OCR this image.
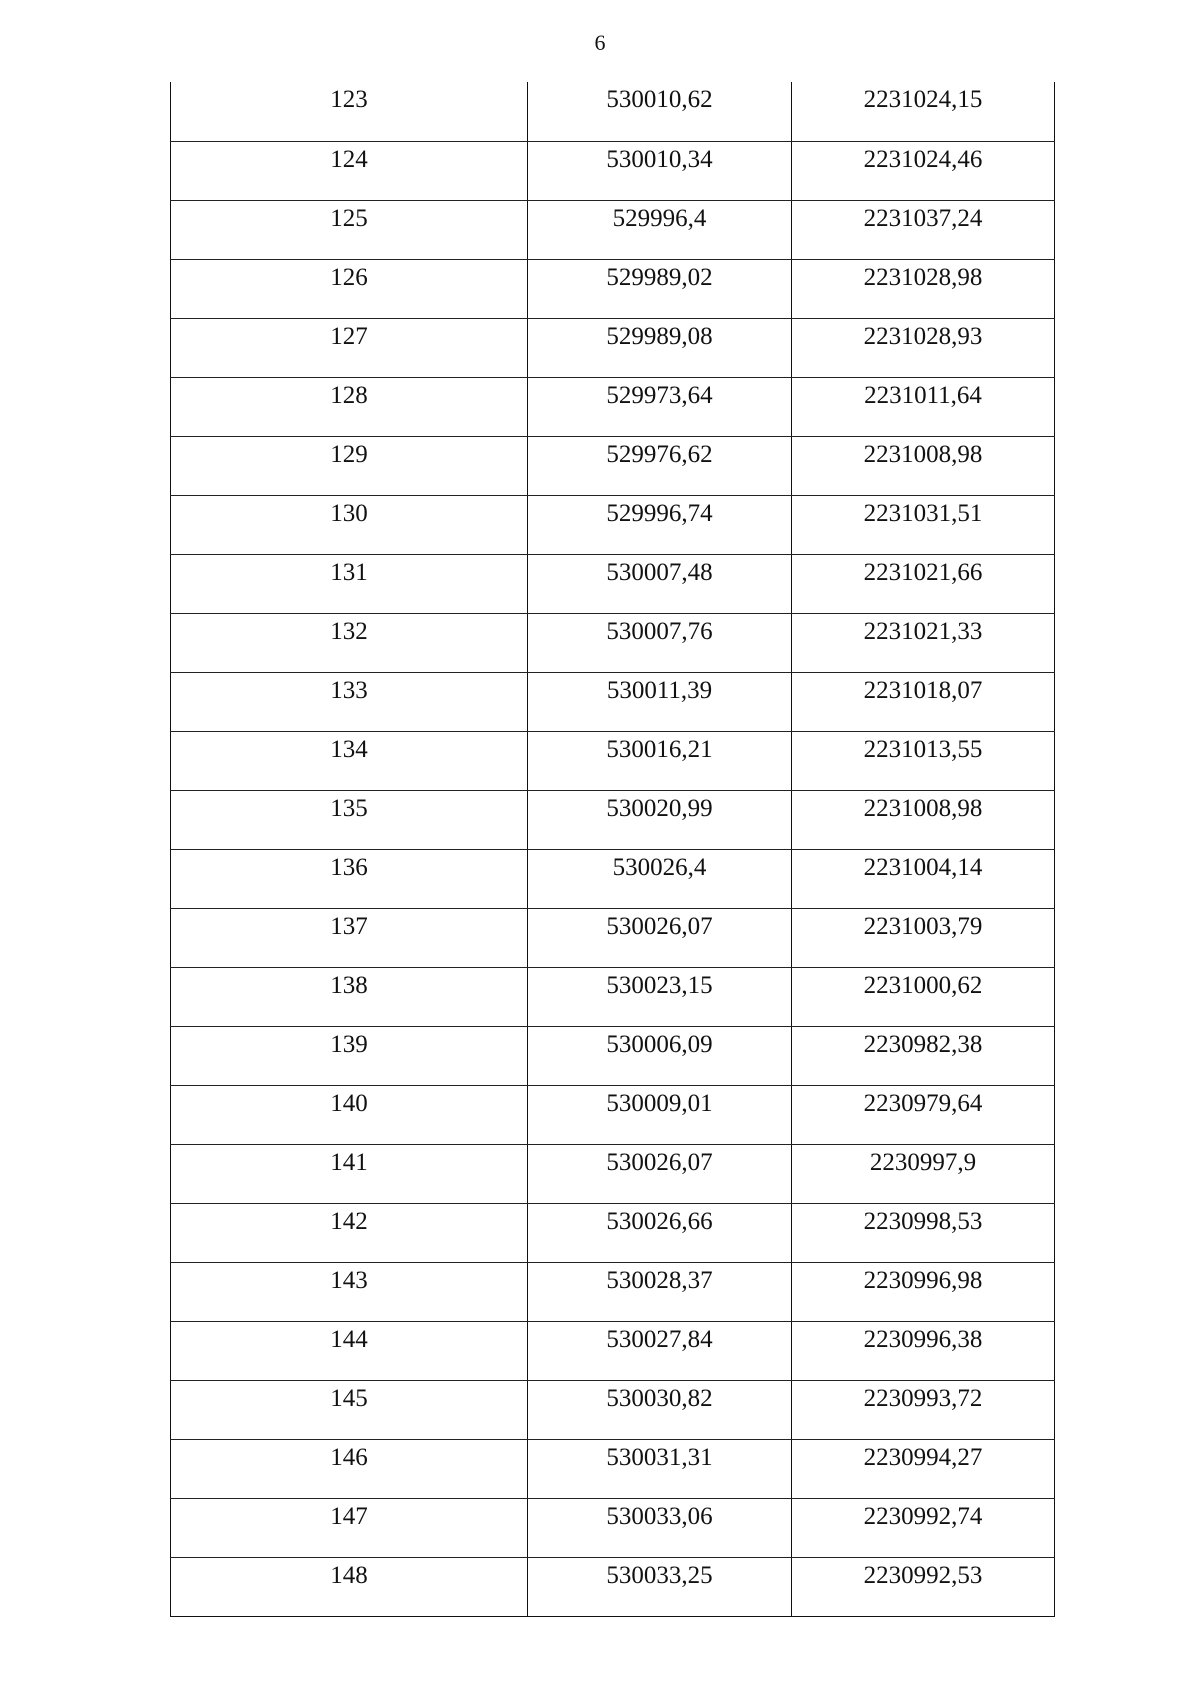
6
123	530010,62	2231024,15
124	530010,34	2231024,46
125	529996,4	2231037,24
126	529989,02	2231028,98
127	529989,08	2231028,93
128	529973,64	2231011,64
129	529976,62	2231008,98
130	529996,74	2231031,51
131	530007,48	2231021,66
132	530007,76	2231021,33
133	530011,39	2231018,07
134	530016,21	2231013,55
135	530020,99	2231008,98
136	530026,4	2231004,14
137	530026,07	2231003,79
138	530023,15	2231000,62
139	530006,09	2230982,38
140	530009,01	2230979,64
141	530026,07	2230997,9
142	530026,66	2230998,53
143	530028,37	2230996,98
144	530027,84	2230996,38
145	530030,82	2230993,72
146	530031,31	2230994,27
147	530033,06	2230992,74
148	530033,25	2230992,53
